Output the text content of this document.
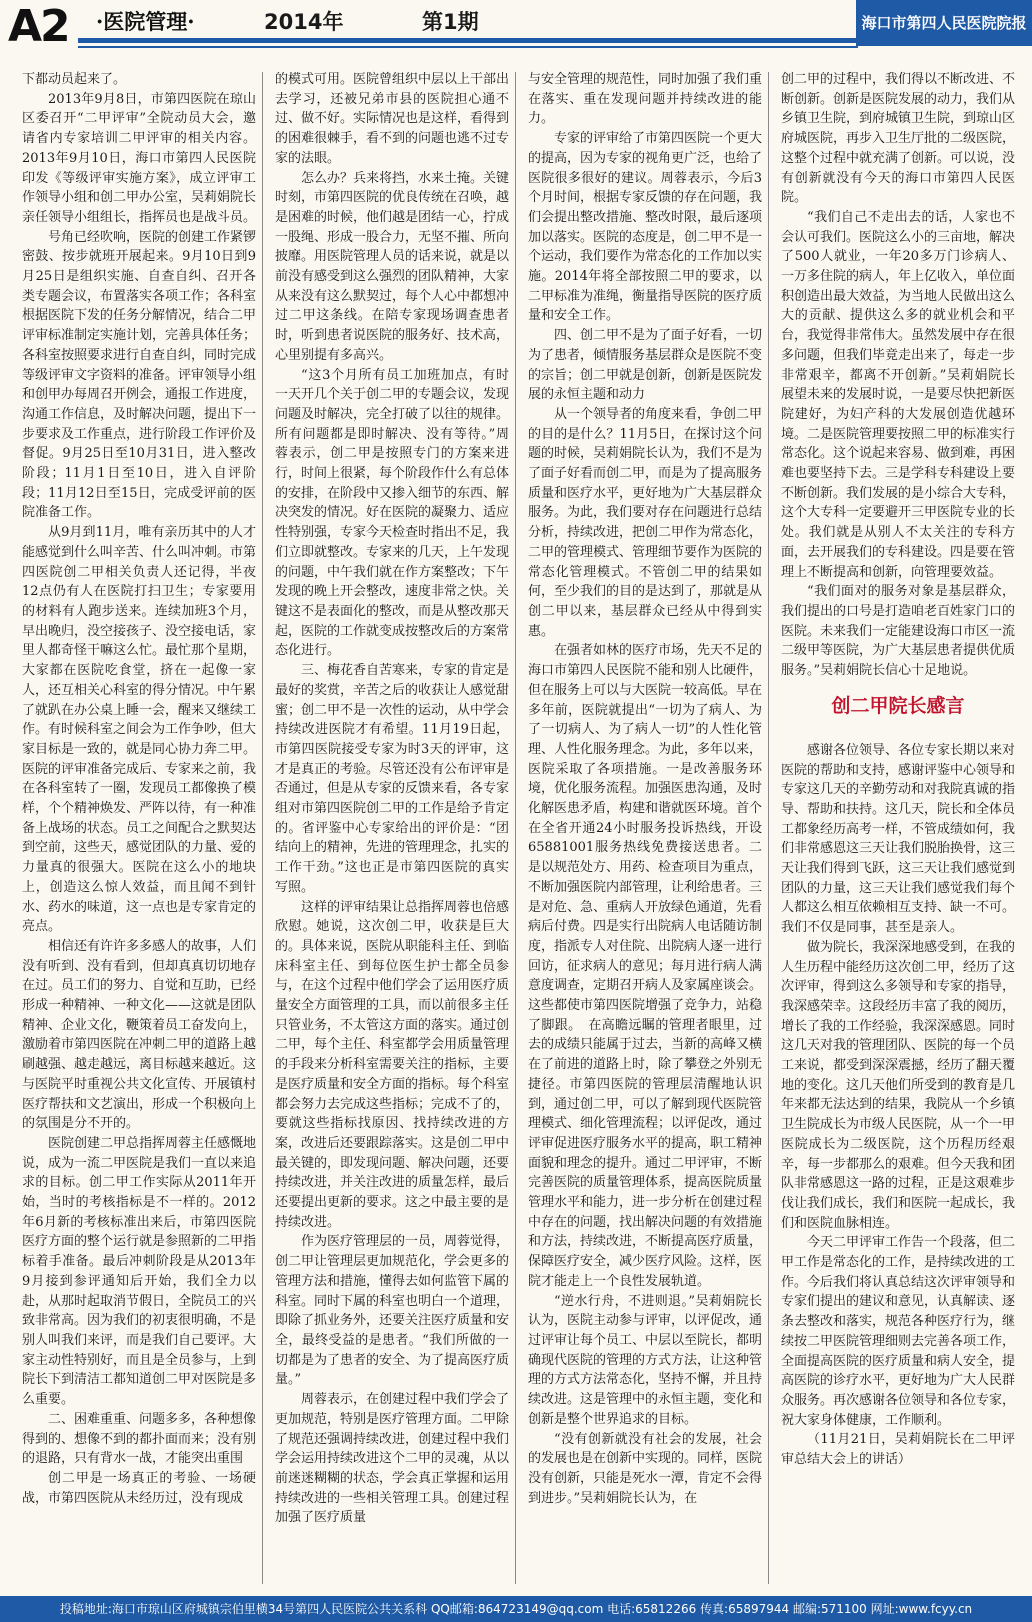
A2 ·医院管理·	2014年	第1期	海口市第四人民医院院报

下都动员起来了。

2013年9月8日，市第四医院在琼山区委召开“二甲评审”全院动员大会，邀请省内专家培训二甲评审的相关内容。2013年9月10日，海口市第四人民医院印发《等级评审实施方案》，成立评审工作领导小组和创二甲办公室，吴莉娟院长亲任领导小组组长，指挥员也是战斗员。

号角已经吹响，医院的创建工作紧锣密鼓、按步就班开展起来。9月10日到9月25日是组织实施、自查自纠、召开各类专题会议，布置落实各项工作；各科室根据医院下发的任务分解情况，结合二甲评审标准制定实施计划，完善具体任务；各科室按照要求进行自查自纠，同时完成等级评审文字资料的准备。评审领导小组和创甲办每周召开例会，通报工作进度，沟通工作信息，及时解决问题，提出下一步要求及工作重点，进行阶段工作评价及督促。9月25日至10月31日，进入整改阶段；11月1日至10日，进入自评阶段；11月12日至15日，完成受评前的医院准备工作。

从9月到11月，唯有亲历其中的人才能感觉到什么叫辛苦、什么叫冲刺。市第四医院创二甲相关负责人还记得，半夜12点仍有人在医院打扫卫生；专家要用的材料有人跑步送来。连续加班3个月，早出晚归，没空接孩子、没空接电话，家里人都奇怪干嘛这么忙。最忙那个星期，大家都在医院吃食堂，挤在一起像一家人，还互相关心科室的得分情况。中午累了就趴在办公桌上睡一会，醒来又继续工作。有时候科室之间会为工作争吵，但大家目标是一致的，就是同心协力奔二甲。医院的评审准备完成后、专家来之前，我在各科室转了一圈，发现员工都像换了模样，个个精神焕发、严阵以待，有一种准备上战场的状态。员工之间配合之默契达到空前，这些天，感觉团队的力量、爱的力量真的很强大。医院在这么小的地块上，创造这么惊人效益，而且闻不到针水、药水的味道，这一点也是专家肯定的亮点。

相信还有许许多多感人的故事，人们没有听到、没有看到，但却真真切切地存在过。员工们的努力、自觉和互助，已经形成一种精神、一种文化——这就是团队精神、企业文化，鞭策着员工奋发向上，激励着市第四医院在冲刺二甲的道路上越刷越强、越走越远，离目标越来越近。这与医院平时重视公共文化宣传、开展镇村医疗帮扶和文艺演出，形成一个积极向上的氛围是分不开的。

医院创建二甲总指挥周蓉主任感慨地说，成为一流二甲医院是我们一直以来追求的目标。创二甲工作实际从2011年开始，当时的考核指标是不一样的。2012年6月新的考核标准出来后，市第四医院医疗方面的整个运行就是参照新的二甲指标着手准备。最后冲刺阶段是从2013年9月接到参评通知后开始，我们全力以赴，从那时起取消节假日，全院员工的兴致非常高。因为我们的初衷很明确，不是别人叫我们来评，而是我们自己要评。大家主动性特别好，而且是全员参与，上到院长下到清洁工都知道创二甲对医院是多么重要。

二、困难重重、问题多多，各种想像得到的、想像不到的都扑面而来；没有别的退路，只有背水一战，才能突出重围

创二甲是一场真正的考验、一场硬战，市第四医院从未经历过，没有现成

的模式可用。医院曾组织中层以上干部出去学习，还被兄弟市县的医院担心通不过、做不好。实际情况也是这样，看得到的困难很棘手，看不到的问题也逃不过专家的法眼。

怎么办？兵来将挡，水来土掩。关键时刻，市第四医院的优良传统在召唤，越是困难的时候，他们越是团结一心，拧成一股绳、形成一股合力，无坚不摧、所向披靡。用医院管理人员的话来说，就是以前没有感受到这么强烈的团队精神，大家从来没有这么默契过，每个人心中都想冲过二甲这条线。在陪专家现场调查患者时，听到患者说医院的服务好、技术高，心里别提有多高兴。

“这3个月所有员工加班加点，有时一天开几个关于创二甲的专题会议，发现问题及时解决，完全打破了以往的规律。所有问题都是即时解决、没有等待。”周蓉表示，创二甲是按照专门的方案来进行，时间上很紧，每个阶段作什么有总体的安排，在阶段中又掺入细节的东西、解决突发的情况。好在医院的凝聚力、适应性特别强，专家今天检查时指出不足，我们立即就整改。专家来的几天，上午发现的问题，中午我们就在作方案整改；下午发现的晚上开会整改，速度非常之快。关键这不是表面化的整改，而是从整改那天起，医院的工作就变成按整改后的方案常态化进行。

三、梅花香自苦寒来，专家的肯定是最好的奖赏，辛苦之后的收获让人感觉甜蜜；创二甲不是一次性的运动，从中学会持续改进医院才有希望。11月19日起，市第四医院接受专家为时3天的评审，这才是真正的考验。尽管还没有公布评审是否通过，但是从专家的反馈来看，各专家组对市第四医院创二甲的工作是给予肯定的。省评鉴中心专家给出的评价是：“团结向上的精神，先进的管理理念，扎实的工作干劲。”这也正是市第四医院的真实写照。

这样的评审结果让总指挥周蓉也倍感欣慰。她说，这次创二甲，收获是巨大的。具体来说，医院从职能科主任、到临床科室主任、到每位医生护士都全员参与，在这个过程中他们学会了运用医疗质量安全方面管理的工具，而以前很多主任只管业务，不太管这方面的落实。通过创二甲，每个主任、科室都学会用质量管理的手段来分析科室需要关注的指标，主要是医疗质量和安全方面的指标。每个科室都会努力去完成这些指标；完成不了的，要就这些指标找原因、找持续改进的方案，改进后还要跟踪落实。这是创二甲中最关键的，即发现问题、解决问题，还要持续改进，并关注改进的质量怎样，最后还要提出更新的要求。这之中最主要的是持续改进。

作为医疗管理层的一员，周蓉觉得，创二甲让管理层更加规范化，学会更多的管理方法和措施，懂得去如何监管下属的科室。同时下属的科室也明白一个道理，即除了抓业务外，还要关注医疗质量和安全，最终受益的是患者。“我们所做的一切都是为了患者的安全、为了提高医疗质量。”

周蓉表示，在创建过程中我们学会了更加规范，特别是医疗管理方面。二甲除了规范还强调持续改进，创建过程中我们学会运用持续改进这个二甲的灵魂，从以前迷迷糊糊的状态，学会真正掌握和运用持续改进的一些相关管理工具。创建过程加强了医疗质量

与安全管理的规范性，同时加强了我们重在落实、重在发现问题并持续改进的能力。

专家的评审给了市第四医院一个更大的提高，因为专家的视角更广泛，也给了医院很多很好的建议。周蓉表示，今后3个月时间，根据专家反馈的存在问题，我们会提出整改措施、整改时限，最后逐项加以落实。医院的态度是，创二甲不是一个运动，我们要作为常态化的工作加以实施。2014年将全部按照二甲的要求，以二甲标准为准绳，衡量指导医院的医疗质量和安全工作。

四、创二甲不是为了面子好看，一切为了患者，倾情服务基层群众是医院不变的宗旨；创二甲就是创新，创新是医院发展的永恒主题和动力

从一个领导者的角度来看，争创二甲的目的是什么？11月5日，在探讨这个问题的时候，吴莉娟院长认为，我们不是为了面子好看而创二甲，而是为了提高服务质量和医疗水平，更好地为广大基层群众服务。为此，我们要对存在问题进行总结分析，持续改进，把创二甲作为常态化，二甲的管理模式、管理细节要作为医院的常态化管理模式。不管创二甲的结果如何，至少我们的目的是达到了，那就是从创二甲以来，基层群众已经从中得到实惠。

在强者如林的医疗市场，先天不足的海口市第四人民医院不能和别人比硬件，但在服务上可以与大医院一较高低。早在多年前，医院就提出“一切为了病人、为了一切病人、为了病人一切”的人性化管理、人性化服务理念。为此，多年以来，医院采取了各项措施。一是改善服务环境，优化服务流程。加强医患沟通，及时化解医患矛盾，构建和谐就医环境。首个在全省开通24小时服务投诉热线，开设65881001服务热线免费接送患者。二是以规范处方、用药、检查项目为重点，不断加强医院内部管理，让利给患者。三是对危、急、重病人开放绿色通道，先看病后付费。四是实行出院病人电话随访制度，指派专人对住院、出院病人逐一进行回访，征求病人的意见；每月进行病人满意度调查，定期召开病人及家属座谈会。这些都使市第四医院增强了竞争力，站稳了脚跟。　在高瞻远瞩的管理者眼里，过去的成绩只能属于过去，当新的高峰又横在了前进的道路上时，除了攀登之外别无捷径。市第四医院的管理层清醒地认识到，通过创二甲，可以了解到现代医院管理模式、细化管理流程；以评促改，通过评审促进医疗服务水平的提高，职工精神面貌和理念的提升。通过二甲评审，不断完善医院的质量管理体系，提高医院质量管理水平和能力，进一步分析在创建过程中存在的问题，找出解决问题的有效措施和方法，持续改进，不断提高医疗质量，保障医疗安全，减少医疗风险。这样，医院才能走上一个良性发展轨道。

“逆水行舟，不进则退。”吴莉娟院长认为，医院主动参与评审，以评促改，通过评审让每个员工、中层以至院长，都明确现代医院的管理的方式方法，让这种管理的方式方法常态化，坚持不懈，并且持续改进。这是管理中的永恒主题，变化和创新是整个世界追求的目标。

“没有创新就没有社会的发展，社会的发展也是在创新中实现的。同样，医院没有创新，只能是死水一潭，肯定不会得到进步。”吴莉娟院长认为，在

创二甲的过程中，我们得以不断改进、不断创新。创新是医院发展的动力，我们从乡镇卫生院，到府城镇卫生院，到琼山区府城医院，再步入卫生厅批的二级医院，这整个过程中就充满了创新。可以说，没有创新就没有今天的海口市第四人民医院。

“我们自己不走出去的话，人家也不会认可我们。医院这么小的三亩地，解决了500人就业，一年20多万门诊病人、一万多住院的病人，年上亿收入，单位面积创造出最大效益，为当地人民做出这么大的贡献、提供这么多的就业机会和平台，我觉得非常伟大。虽然发展中存在很多问题，但我们毕竟走出来了，每走一步非常艰辛，都离不开创新。”吴莉娟院长展望未来的发展时说，一是要尽快把新医院建好，为妇产科的大发展创造优越环境。二是医院管理要按照二甲的标准实行常态化。这个说起来容易、做到难，再困难也要坚持下去。三是学科专科建设上要不断创新。我们发展的是小综合大专科，这个大专科一定要避开三甲医院专业的长处。我们就是从别人不太关注的专科方面，去开展我们的专科建设。四是要在管理上不断提高和创新，向管理要效益。

“我们面对的服务对象是基层群众，我们提出的口号是打造咱老百姓家门口的医院。未来我们一定能建设海口市区一流二级甲等医院，为广大基层患者提供优质服务。”吴莉娟院长信心十足地说。

创二甲院长感言

感谢各位领导、各位专家长期以来对医院的帮助和支持，感谢评鉴中心领导和专家这几天的辛勤劳动和对我院真诚的指导、帮助和扶持。这几天，院长和全体员工都象经历高考一样，不管成绩如何，我们非常感恩这三天让我们脱胎换骨，这三天让我们得到飞跃，这三天让我们感觉到团队的力量，这三天让我们感觉我们每个人都这么相互依赖相互支持、缺一不可。我们不仅是同事，甚至是亲人。

做为院长，我深深地感受到，在我的人生历程中能经历这次创二甲，经历了这次评审，得到这么多领导和专家的指导，我深感荣幸。这段经历丰富了我的阅历，增长了我的工作经验，我深深感恩。同时这几天对我的管理团队、医院的每一个员工来说，都受到深深震撼，经历了翻天覆地的变化。这几天他们所受到的教育是几年来都无法达到的结果，我院从一个乡镇卫生院成长为市级人民医院，从一个一甲医院成长为二级医院，这个历程历经艰辛，每一步都那么的艰难。但今天我和团队非常感恩这一路的过程，正是这艰难步伐让我们成长，我们和医院一起成长，我们和医院血脉相连。

今天二甲评审工作告一个段落，但二甲工作是常态化的工作，是持续改进的工作。今后我们将认真总结这次评审领导和专家们提出的建议和意见，认真解读、逐条去整改和落实，规范各种医疗行为，继续按二甲医院管理细则去完善各项工作，全面提高医院的医疗质量和病人安全，提高医院的诊疗水平，更好地为广大人民群众服务。再次感谢各位领导和各位专家，祝大家身体健康，工作顺利。

（11月21日，吴莉娟院长在二甲评审总结大会上的讲话）

投稿地址:海口市琼山区府城镇宗伯里横34号第四人民医院公共关系科 QQ邮箱:864723149@qq.com 电话:65812266 传真:65897944 邮编:571100 网址:www.fcyy.cn
